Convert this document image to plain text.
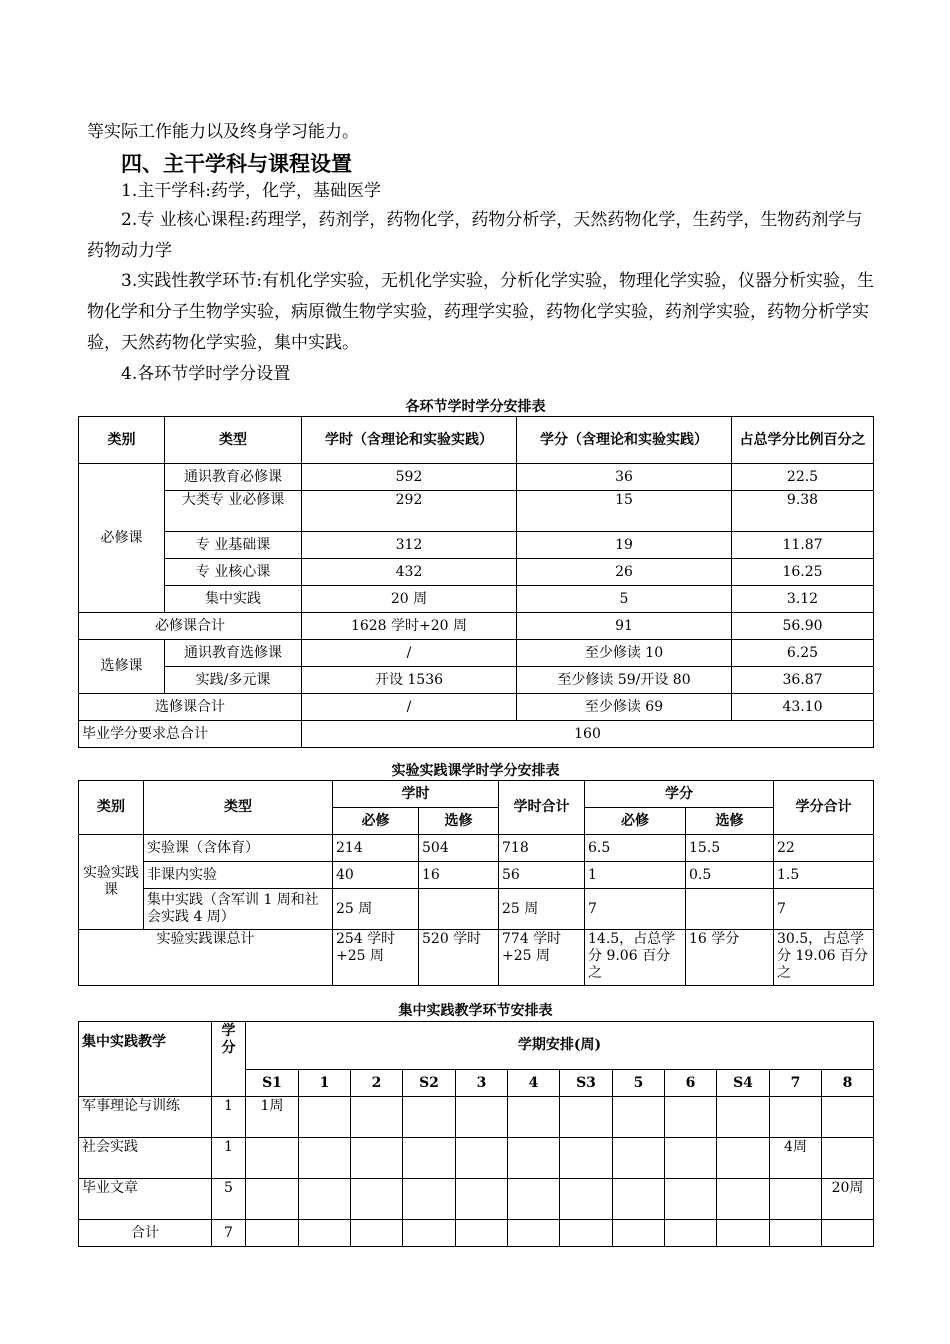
等实际工作能力以及终身学习能力。
四、主干学科与课程设置
1.主干学科:药学，化学，基础医学
2.专 业核心课程:药理学，药剂学，药物化学，药物分析学，天然药物化学，生药学，生物药剂学与药物动力学
3.实践性教学环节:有机化学实验，无机化学实验，分析化学实验，物理化学实验，仪器分析实验，生物化学和分子生物学实验，病原微生物学实验，药理学实验，药物化学实验，药剂学实验，药物分析学实验，天然药物化学实验，集中实践。
4.各环节学时学分设置
各环节学时学分安排表
类别	类型	学时（含理论和实验实践）	学分（含理论和实验实践）	占总学分比例百分之
必修课	通识教育必修课	592	36	22.5
	大类专 业必修课	292	15	9.38
	专 业基础课	312	19	11.87
	专 业核心课	432	26	16.25
	集中实践	20 周	5	3.12
必修课合计		1628 学时+20 周	91	56.90
选修课	通识教育选修课	/	至少修读 10	6.25
	实践/多元课	开设 1536	至少修读 59/开设 80	36.87
选修课合计		/	至少修读 69	43.10
毕业学分要求总合计		160		
实验实践课学时学分安排表
类别	类型	学时		学时合计	学分		学分合计
		必修	选修		必修	选修	
实验实践课	实验课（含体育）	214	504	718	6.5	15.5	22
	非课内实验	40	16	56	1	0.5	1.5
	集中实践（含军训 1 周和社会实践 4 周）	25 周		25 周	7		7
实验实践课总计		254 学时+25 周	520 学时	774 学时+25 周	14.5，占总学分 9.06 百分之	16 学分	30.5，占总学分 19.06 百分之
集中实践教学环节安排表
集中实践教学	学分	学期安排(周)											
		S1	1	2	S2	3	4	S3	5	6	S4	7	8
军事理论与训练	1	1周											
社会实践	1											4周	
毕业文章	5												20周
合计	7												
